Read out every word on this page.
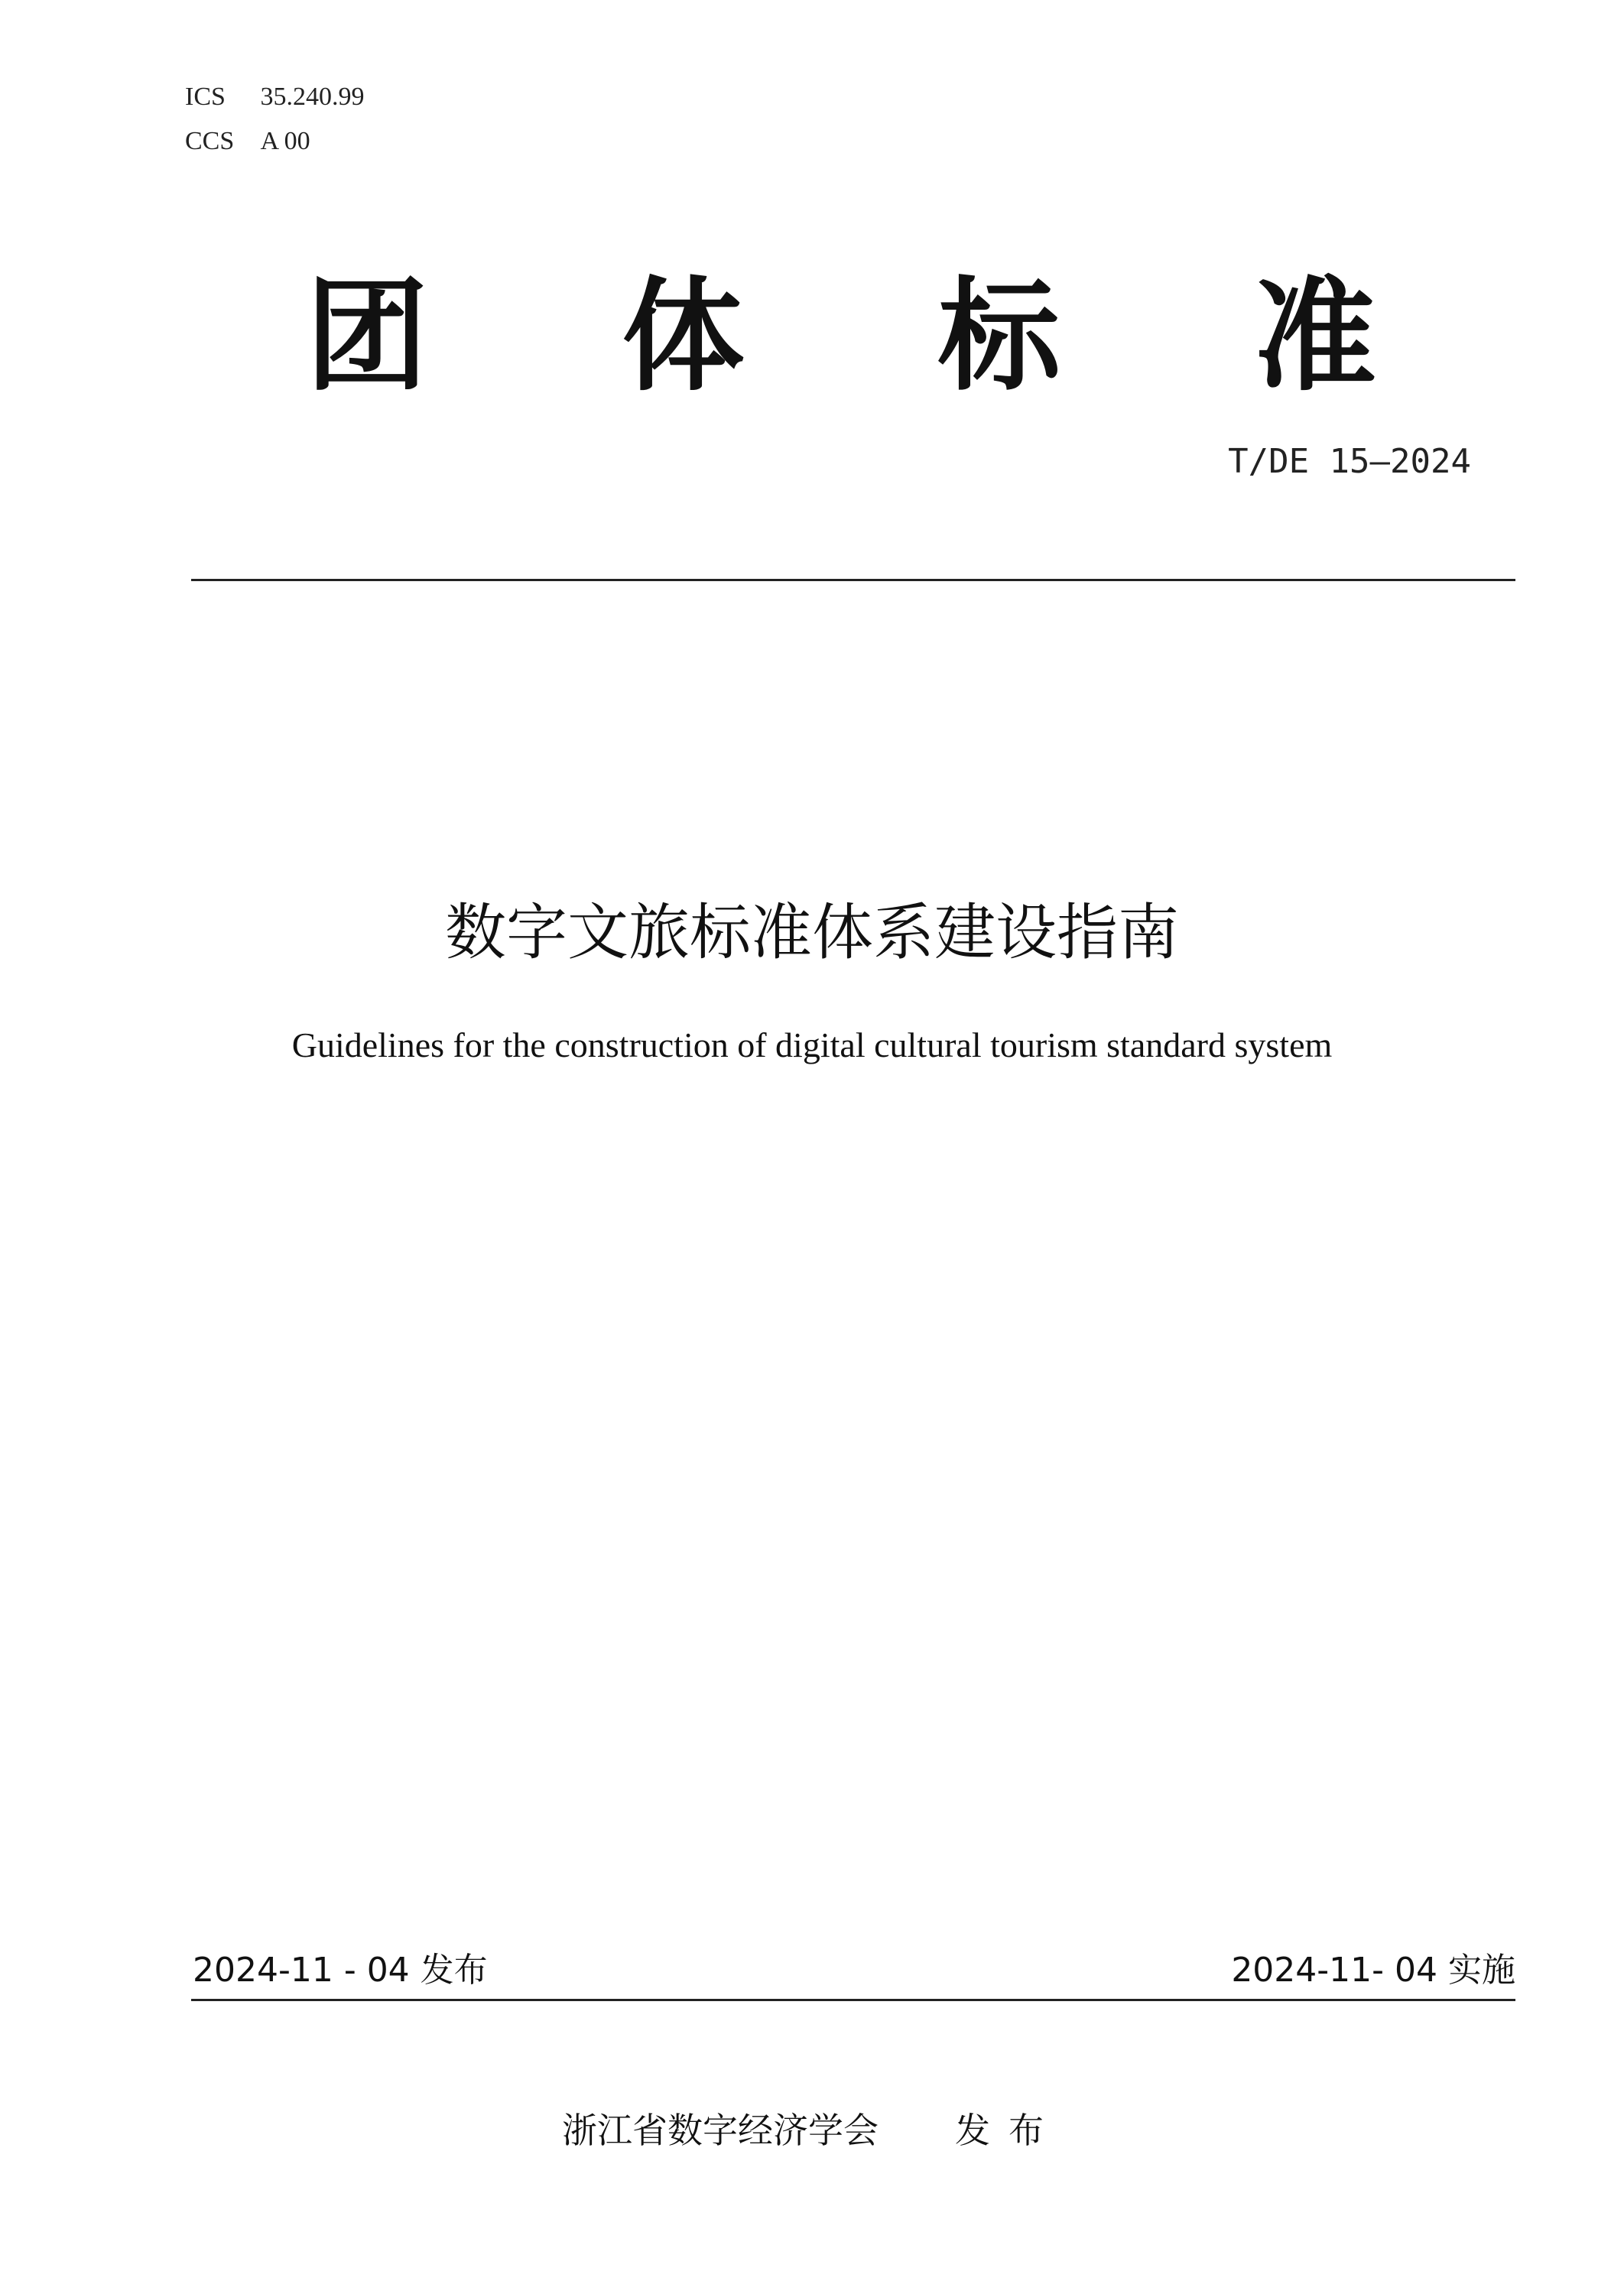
ICS 35.240.99
CCS A 00
团 体 标 准
T/DE 15—2024
数字文旅标准体系建设指南
Guidelines for the construction of digital cultural tourism standard system
2024-11 - 04 发布	2024-11- 04 实施
浙江省数字经济学会 发布
